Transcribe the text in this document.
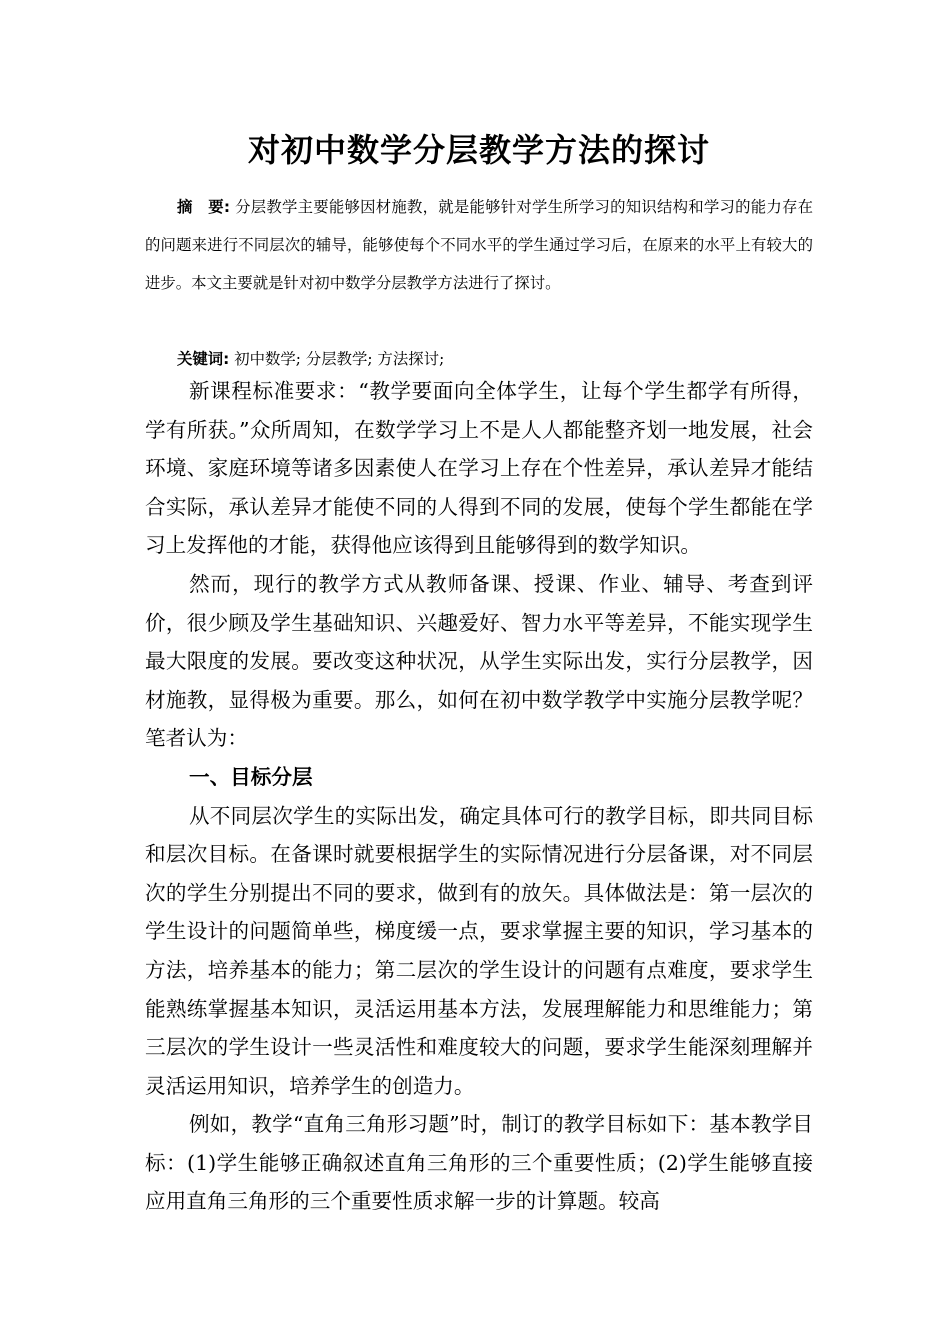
对初中数学分层教学方法的探讨

摘　要: 分层教学主要能够因材施教，就是能够针对学生所学习的知识结构和学习的能力存在的问题来进行不同层次的辅导，能够使每个不同水平的学生通过学习后，在原来的水平上有较大的进步。本文主要就是针对初中数学分层教学方法进行了探讨。

关键词: 初中数学; 分层教学; 方法探讨;

新课程标准要求：“教学要面向全体学生，让每个学生都学有所得，学有所获。”众所周知，在数学学习上不是人人都能整齐划一地发展，社会环境、家庭环境等诸多因素使人在学习上存在个性差异，承认差异才能结合实际，承认差异才能使不同的人得到不同的发展，使每个学生都能在学习上发挥他的才能，获得他应该得到且能够得到的数学知识。

然而，现行的教学方式从教师备课、授课、作业、辅导、考查到评价，很少顾及学生基础知识、兴趣爱好、智力水平等差异，不能实现学生最大限度的发展。要改变这种状况，从学生实际出发，实行分层教学，因材施教，显得极为重要。那么，如何在初中数学教学中实施分层教学呢？笔者认为：

一、目标分层

从不同层次学生的实际出发，确定具体可行的教学目标，即共同目标和层次目标。在备课时就要根据学生的实际情况进行分层备课，对不同层次的学生分别提出不同的要求，做到有的放矢。具体做法是：第一层次的学生设计的问题简单些，梯度缓一点，要求掌握主要的知识，学习基本的方法，培养基本的能力；第二层次的学生设计的问题有点难度，要求学生能熟练掌握基本知识，灵活运用基本方法，发展理解能力和思维能力；第三层次的学生设计一些灵活性和难度较大的问题，要求学生能深刻理解并灵活运用知识，培养学生的创造力。

例如，教学“直角三角形习题”时，制订的教学目标如下：基本教学目标：(1)学生能够正确叙述直角三角形的三个重要性质；(2)学生能够直接应用直角三角形的三个重要性质求解一步的计算题。较高
